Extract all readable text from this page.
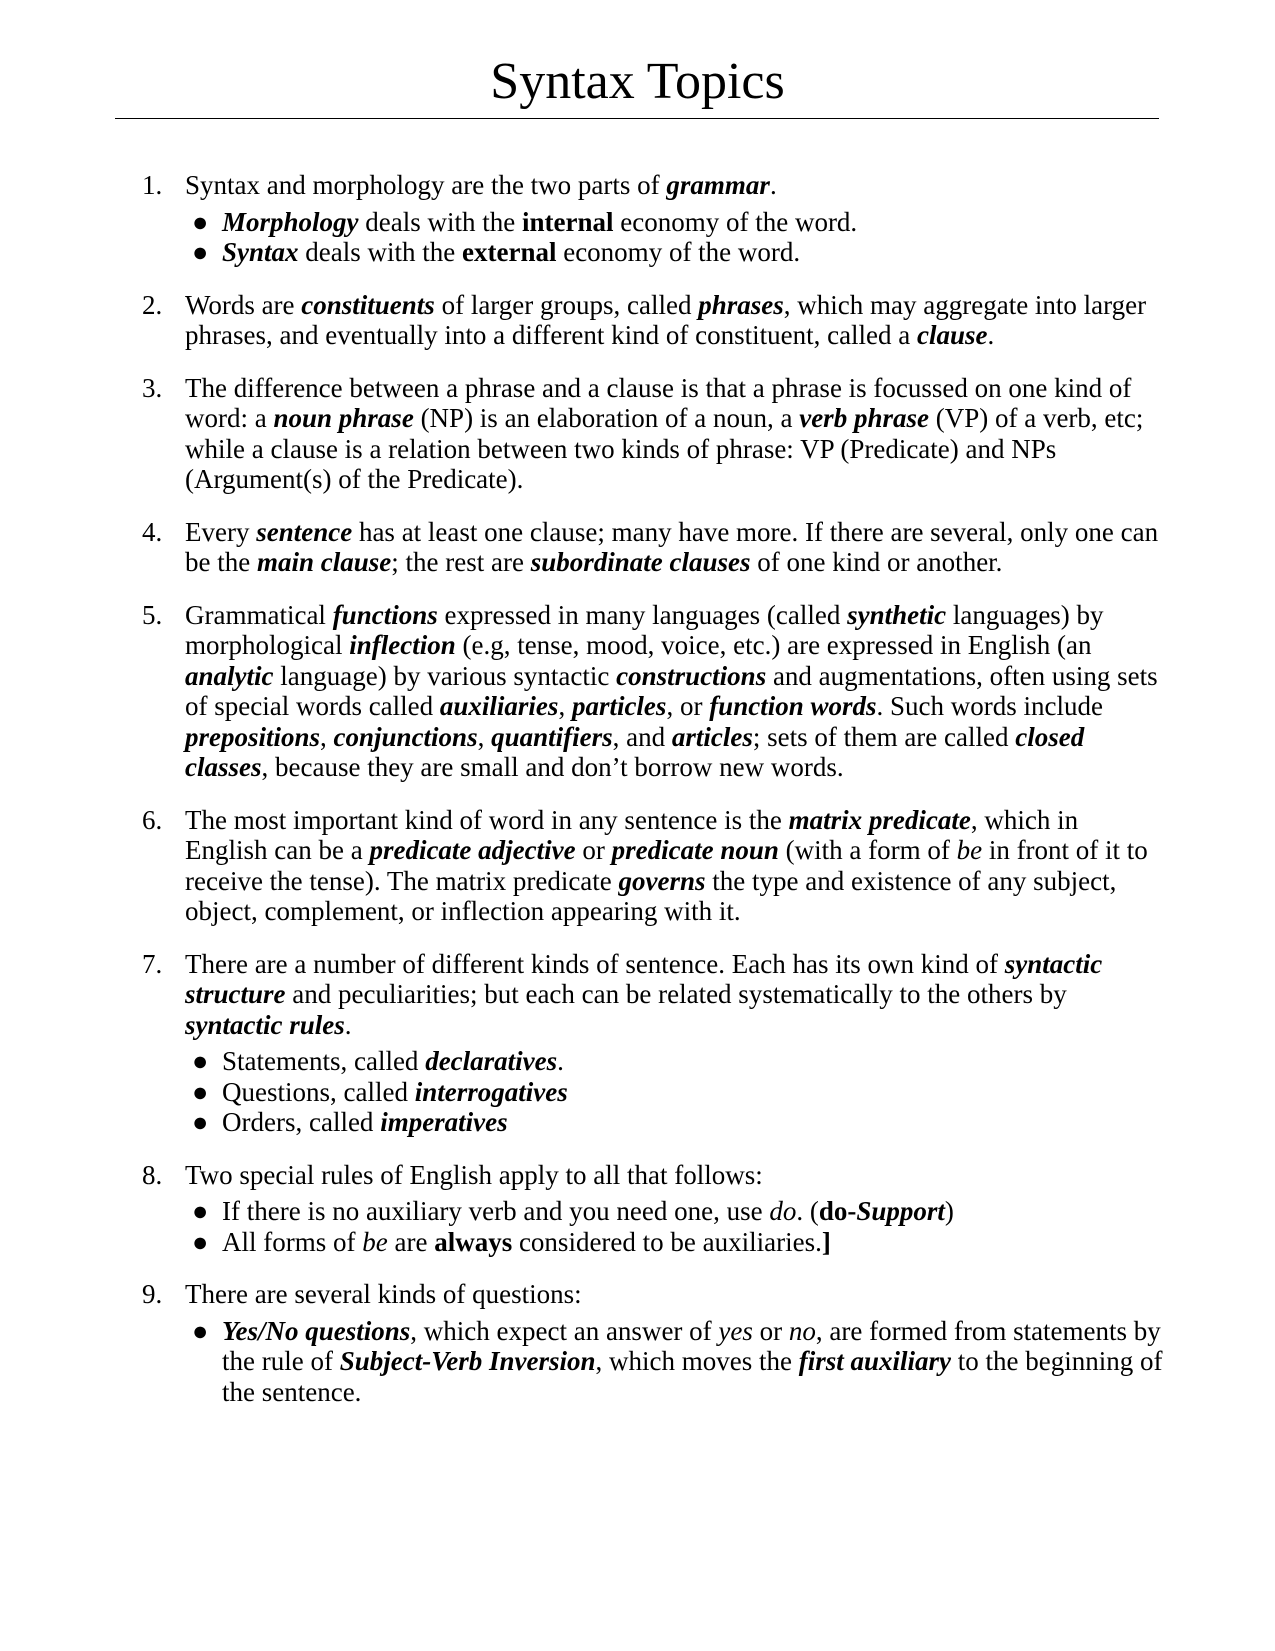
Syntax Topics
1. Syntax and morphology are the two parts of grammar.
● Morphology deals with the internal economy of the word.
● Syntax deals with the external economy of the word.
2. Words are constituents of larger groups, called phrases, which may aggregate into larger phrases, and eventually into a different kind of constituent, called a clause.
3. The difference between a phrase and a clause is that a phrase is focussed on one kind of word: a noun phrase (NP) is an elaboration of a noun, a verb phrase (VP) of a verb, etc; while a clause is a relation between two kinds of phrase: VP (Predicate) and NPs (Argument(s) of the Predicate).
4. Every sentence has at least one clause; many have more. If there are several, only one can be the main clause; the rest are subordinate clauses of one kind or another.
5. Grammatical functions expressed in many languages (called synthetic languages) by morphological inflection (e.g, tense, mood, voice, etc.) are expressed in English (an analytic language) by various syntactic constructions and augmentations, often using sets of special words called auxiliaries, particles, or function words. Such words include prepositions, conjunctions, quantifiers, and articles; sets of them are called closed classes, because they are small and don’t borrow new words.
6. The most important kind of word in any sentence is the matrix predicate, which in English can be a predicate adjective or predicate noun (with a form of be in front of it to receive the tense). The matrix predicate governs the type and existence of any subject, object, complement, or inflection appearing with it.
7. There are a number of different kinds of sentence. Each has its own kind of syntactic structure and peculiarities; but each can be related systematically to the others by syntactic rules.
● Statements, called declaratives.
● Questions, called interrogatives
● Orders, called imperatives
8. Two special rules of English apply to all that follows:
● If there is no auxiliary verb and you need one, use do. (do-Support)
● All forms of be are always considered to be auxiliaries.]
9. There are several kinds of questions:
● Yes/No questions, which expect an answer of yes or no, are formed from statements by the rule of Subject-Verb Inversion, which moves the first auxiliary to the beginning of the sentence.
